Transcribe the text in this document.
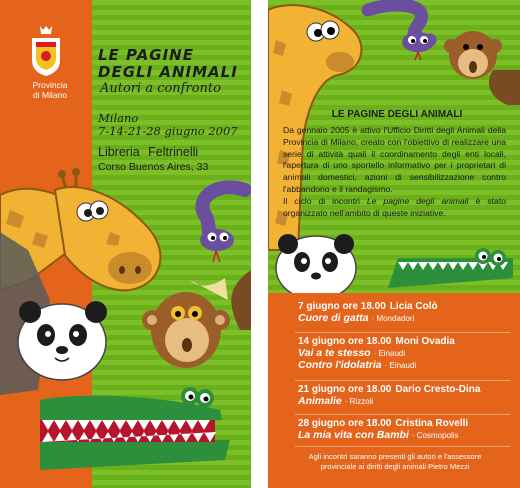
Provincia
di Milano
LE PAGINE
DEGLI ANIMALI
Autori a confronto
Milano
7-14-21-28 giugno 2007
Libreria Feltrinelli
Corso Buenos Aires, 33
7 giugno ore 18.00 Licia Colò
Cuore di gatta · Mondadori
14 giugno ore 18.00 Moni Ovadia
Vai a te stesso · Einaudi
Contro l'idolatria · Einaudi
21 giugno ore 18.00 Dario Cresto-Dina
Animalie · Rizzoli
28 giugno ore 18.00 Cristina Rovelli
La mia vita con Bambi · Cosmopolis
Agli incontri saranno presenti gli autori e l'assessore
provinciale ai diritti degli animali Pietro Mezzi
LE PAGINE DEGLI ANIMALI

Da gennaio 2005 è attivo l'Ufficio Diritti degli Animali della Provincia di Milano, creato con l'obiettivo di realizzare una serie di attività quali il coordinamento degli enti locali, l'apertura di uno sportello informativo per i proprietari di animali domestici, azioni di sensibilizzazione contro l'abbandono e il randagismo.

Il ciclo di incontri Le pagine degli animali è stato organizzato nell'ambito di queste iniziative.
